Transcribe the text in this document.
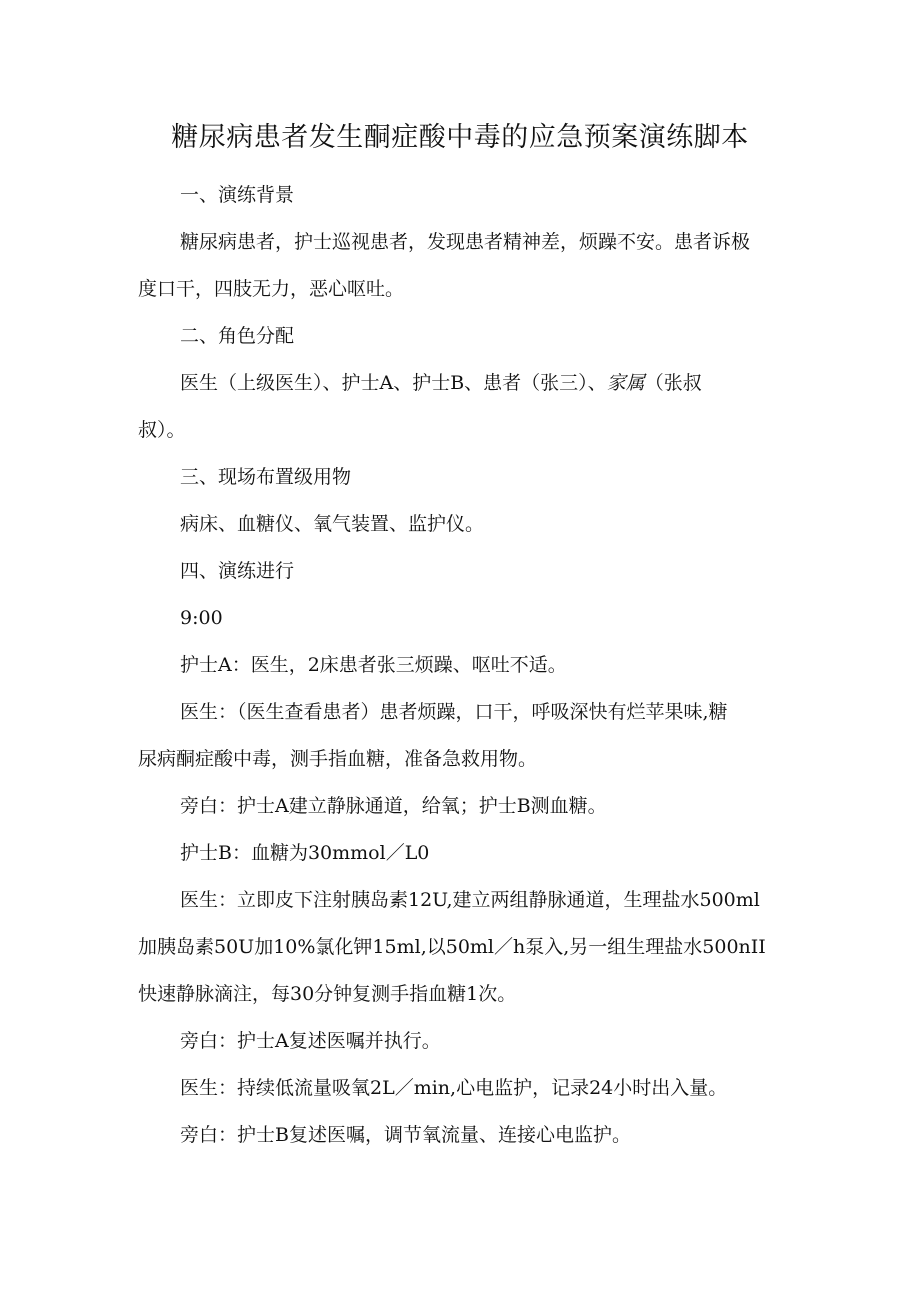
糖尿病患者发生酮症酸中毒的应急预案演练脚本
一、演练背景
糖尿病患者，护士巡视患者，发现患者精神差，烦躁不安。患者诉极
度口干，四肢无力，恶心呕吐。
二、角色分配
医生（上级医生）、护士A、护士B、患者（张三）、家属（张叔
叔）。
三、现场布置级用物
病床、血糖仪、氧气装置、监护仪。
四、演练进行
9:00
护士A：医生，2床患者张三烦躁、呕吐不适。
医生：（医生查看患者）患者烦躁，口干，呼吸深快有烂苹果味,糖
尿病酮症酸中毒，测手指血糖，准备急救用物。
旁白：护士A建立静脉通道，给氧；护士B测血糖。
护士B：血糖为30mmol／L0
医生：立即皮下注射胰岛素12U,建立两组静脉通道，生理盐水500ml
加胰岛素50U加10%氯化钾15ml,以50ml／h泵入,另一组生理盐水500nII
快速静脉滴注，每30分钟复测手指血糖1次。
旁白：护士A复述医嘱并执行。
医生：持续低流量吸氧2L／min,心电监护，记录24小时出入量。
旁白：护士B复述医嘱，调节氧流量、连接心电监护。
